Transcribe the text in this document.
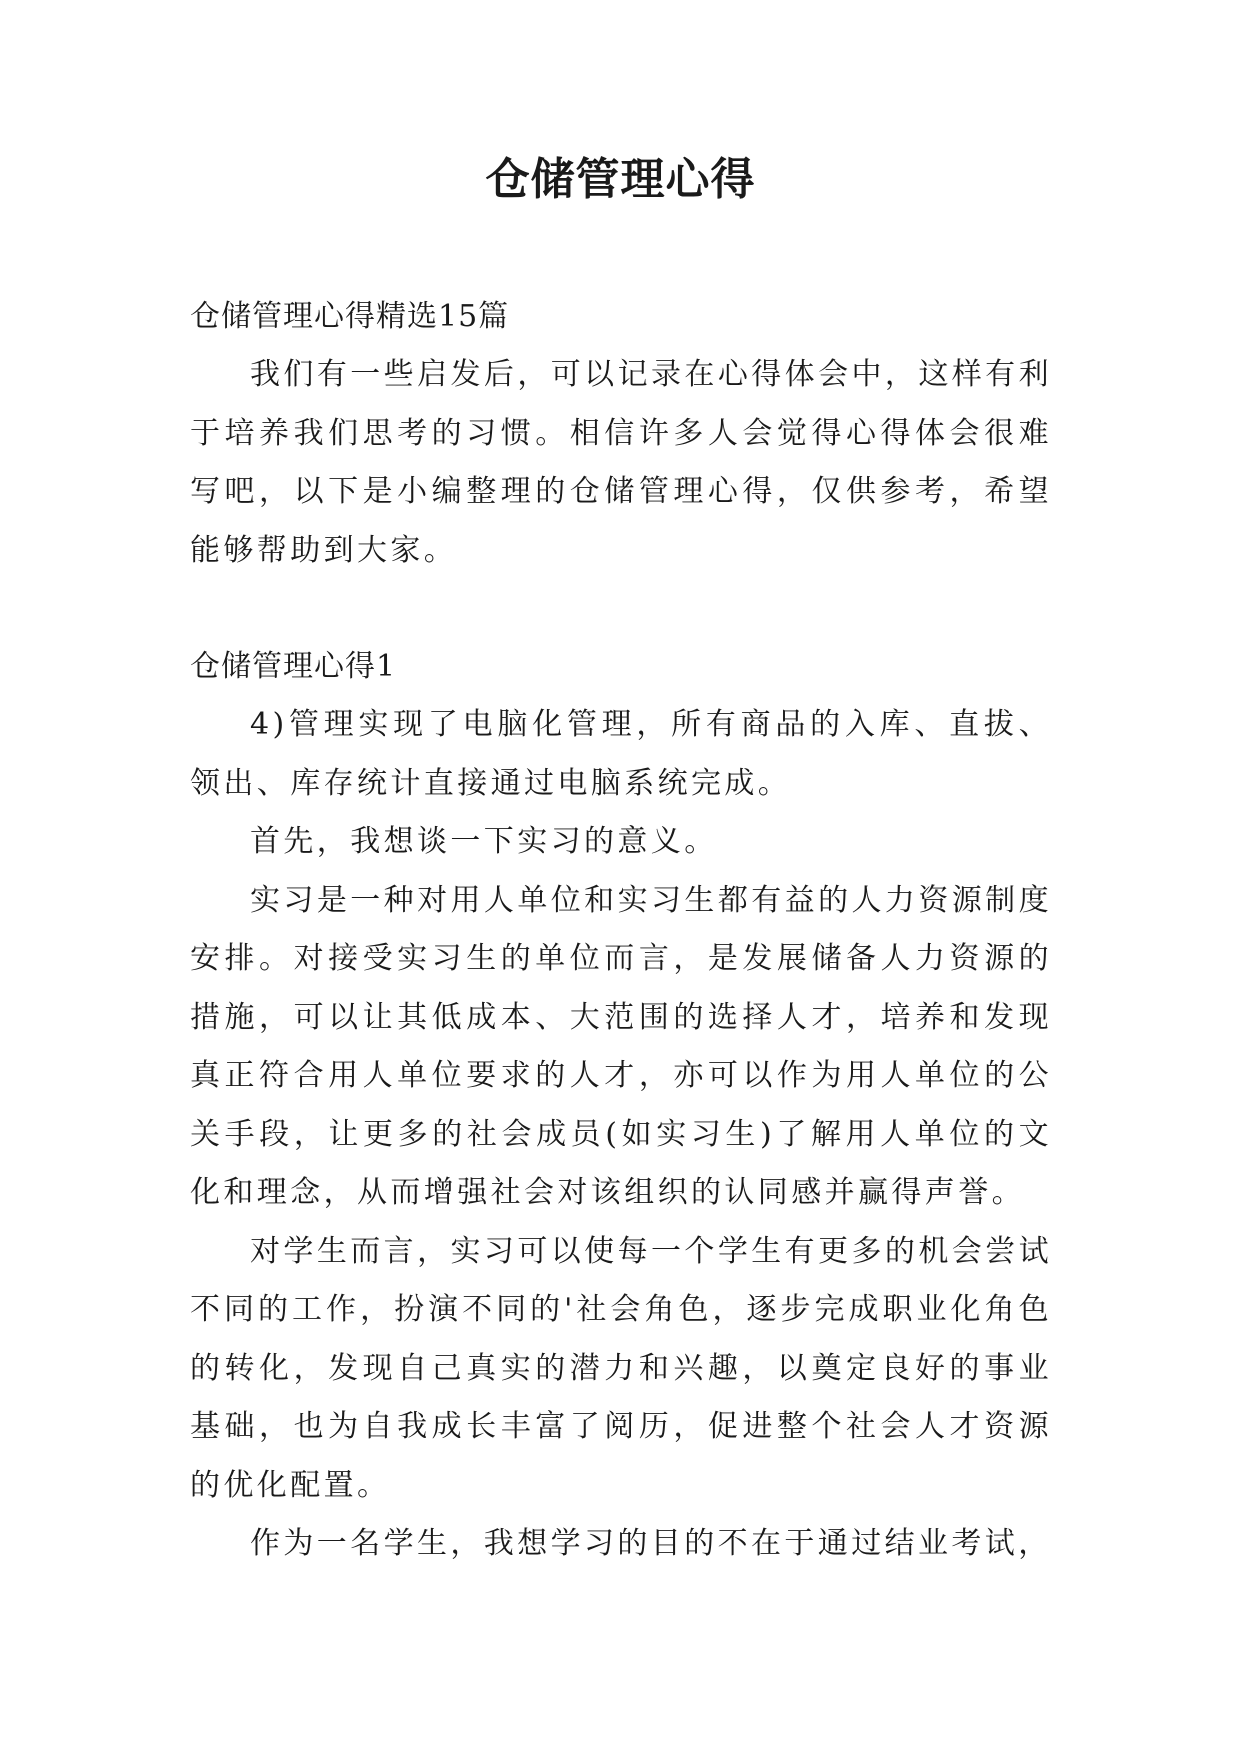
仓储管理心得

仓储管理心得精选15篇

我们有一些启发后，可以记录在心得体会中，这样有利于培养我们思考的习惯。相信许多人会觉得心得体会很难写吧，以下是小编整理的仓储管理心得，仅供参考，希望能够帮助到大家。

仓储管理心得1

4)管理实现了电脑化管理，所有商品的入库、直拔、领出、库存统计直接通过电脑系统完成。

首先，我想谈一下实习的意义。

实习是一种对用人单位和实习生都有益的人力资源制度安排。对接受实习生的单位而言，是发展储备人力资源的措施，可以让其低成本、大范围的选择人才，培养和发现真正符合用人单位要求的人才，亦可以作为用人单位的公关手段，让更多的社会成员(如实习生)了解用人单位的文化和理念，从而增强社会对该组织的认同感并赢得声誉。

对学生而言，实习可以使每一个学生有更多的机会尝试不同的工作，扮演不同的'社会角色，逐步完成职业化角色的转化，发现自己真实的潜力和兴趣，以奠定良好的事业基础，也为自我成长丰富了阅历，促进整个社会人才资源的优化配置。

作为一名学生，我想学习的目的不在于通过结业考试，
